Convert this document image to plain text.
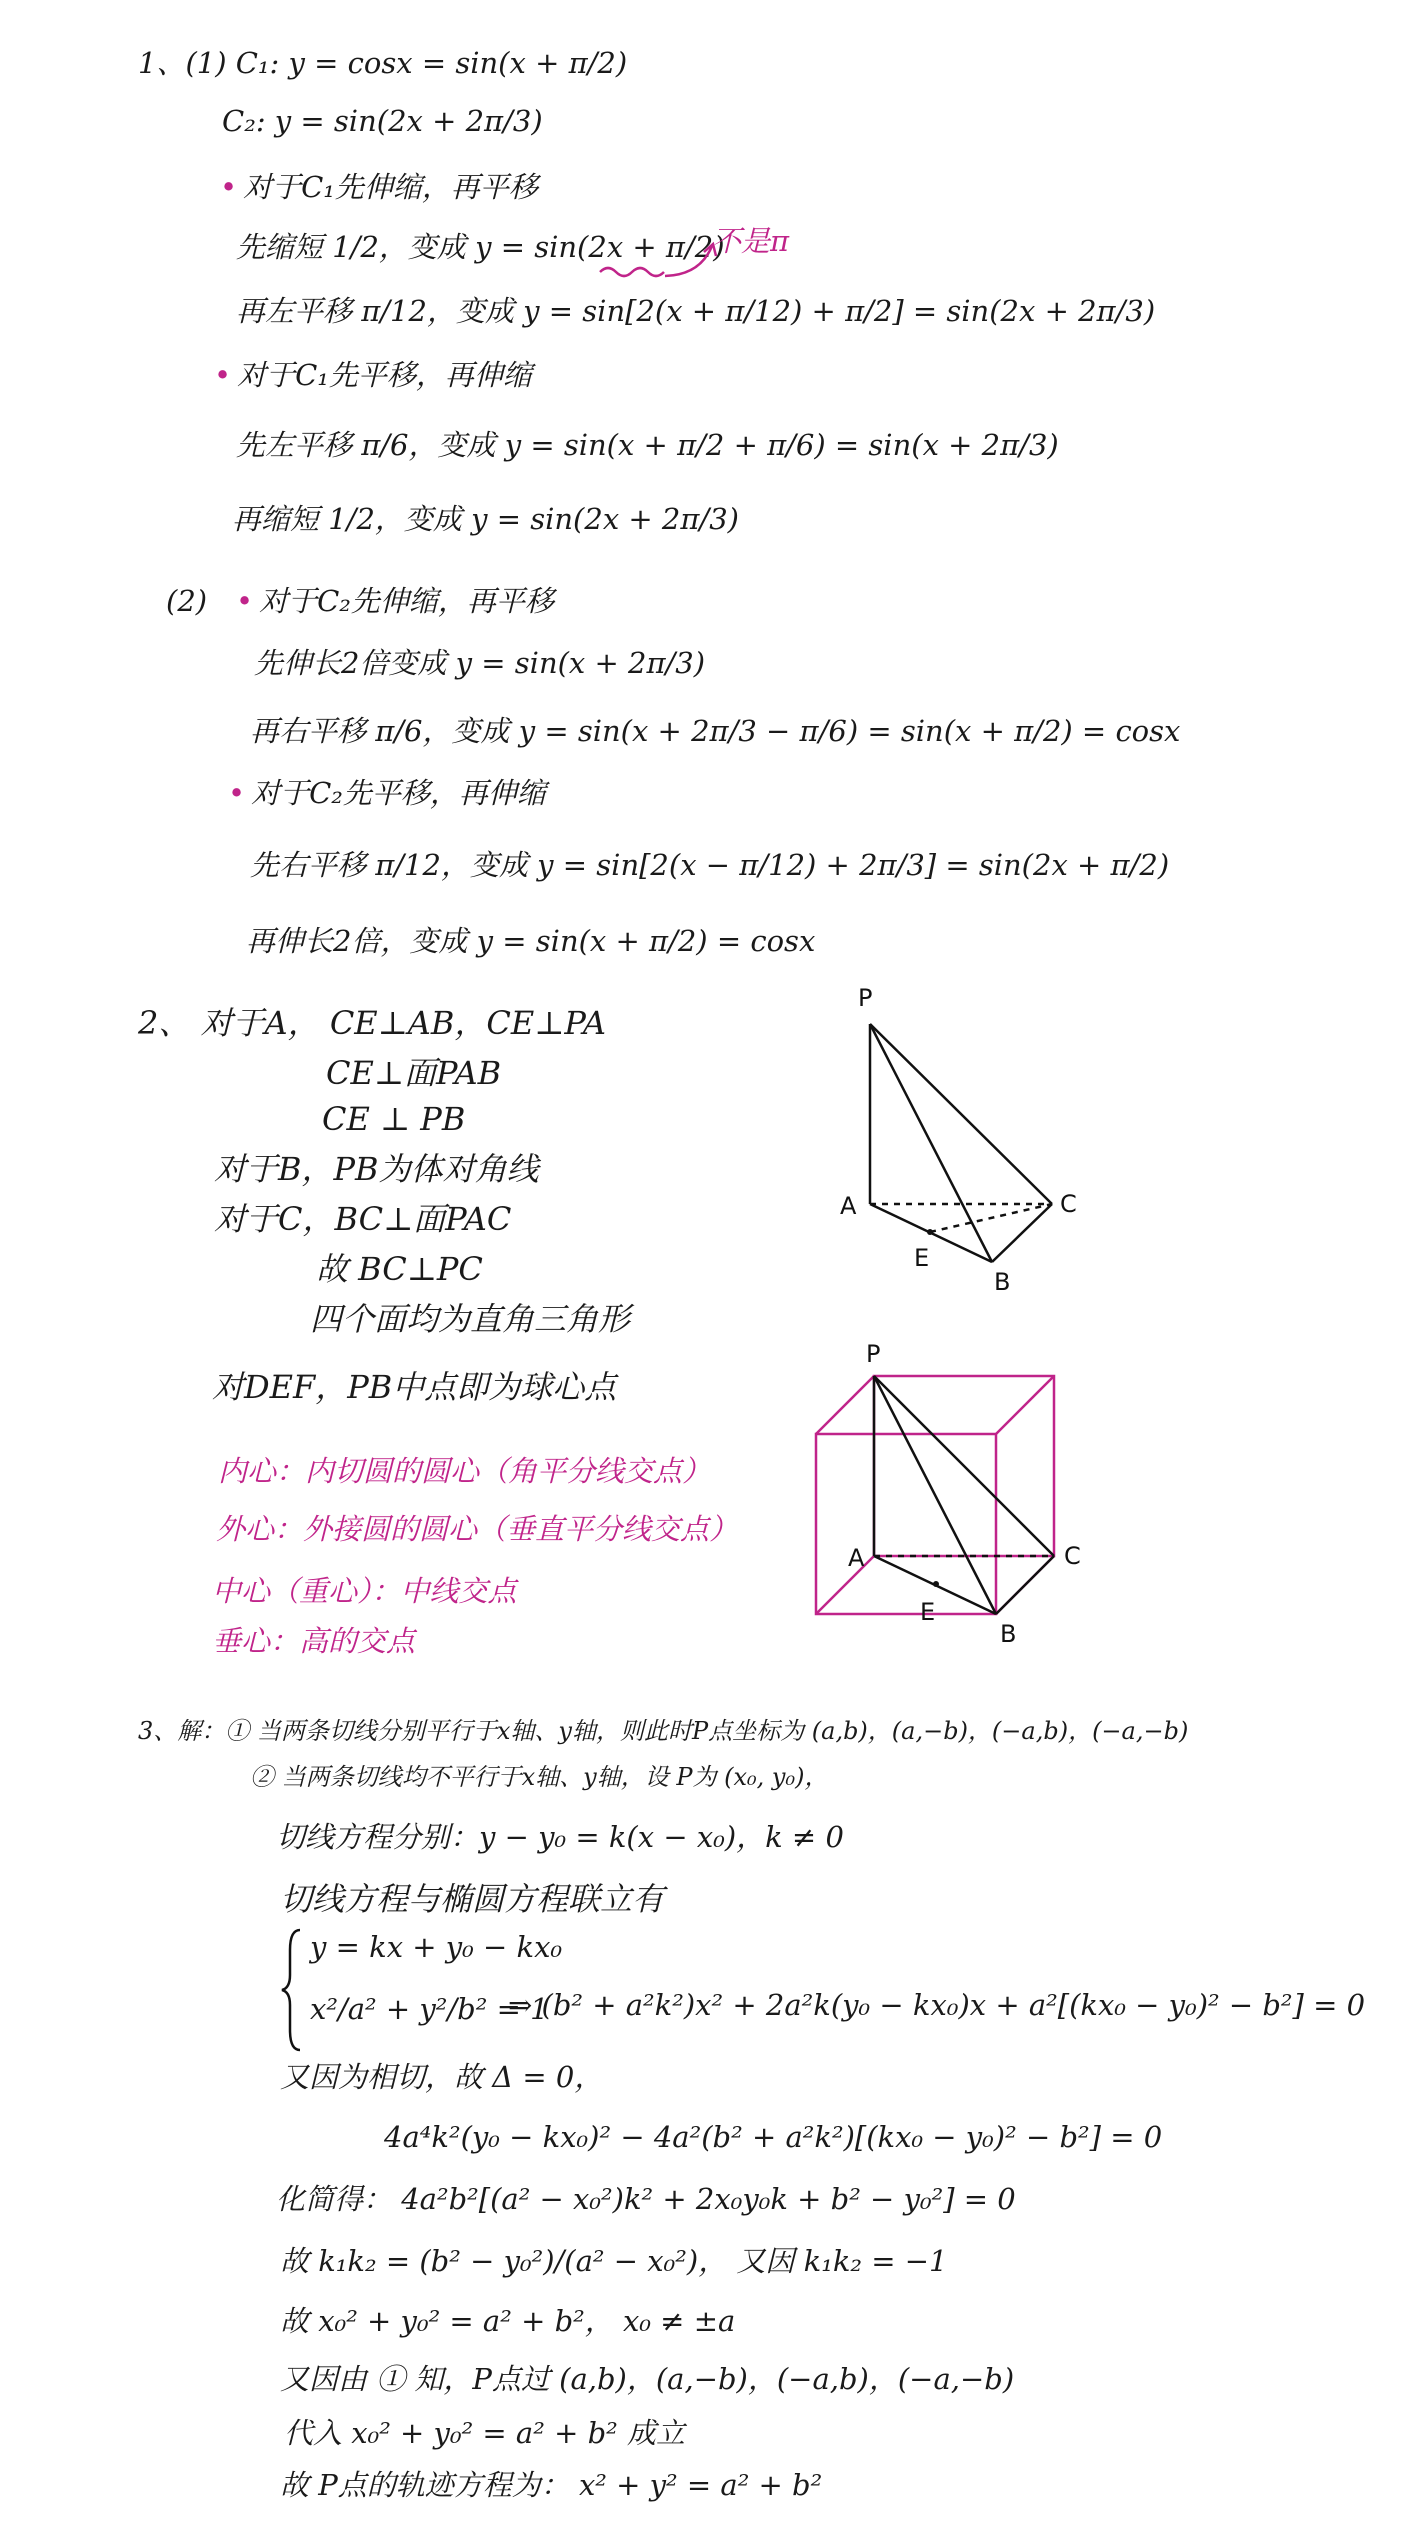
1、(1) C₁: y = cosx = sin(x + π/2)
C₂: y = sin(2x + 2π/3)
• 对于C₁先伸缩，再平移
先缩短 1/2，变成 y = sin(2x + π/2)
不是π
再左平移 π/12，变成 y = sin[2(x + π/12) + π/2] = sin(2x + 2π/3)
• 对于C₁先平移，再伸缩
先左平移 π/6，变成 y = sin(x + π/2 + π/6) = sin(x + 2π/3)
再缩短 1/2，变成 y = sin(2x + 2π/3)
(2) • 对于C₂先伸缩，再平移
先伸长2倍变成 y = sin(x + 2π/3)
再右平移 π/6，变成 y = sin(x + 2π/3 − π/6) = sin(x + π/2) = cosx
• 对于C₂先平移，再伸缩
先右平移 π/12，变成 y = sin[2(x − π/12) + 2π/3] = sin(2x + π/2)
再伸长2倍，变成 y = sin(x + π/2) = cosx
2、 对于A， CE⊥AB，CE⊥PA
CE⊥面PAB
CE ⊥ PB
对于B，PB为体对角线
对于C，BC⊥面PAC
故 BC⊥PC
四个面均为直角三角形
对DEF，PB中点即为球心点
内心：内切圆的圆心（角平分线交点）
外心：外接圆的圆心（垂直平分线交点）
中心（重心）：中线交点
垂心：高的交点
P
A	C
E
B
P
A	C
E
B
3、解：① 当两条切线分别平行于x轴、y轴，则此时P点坐标为 (a,b)，(a,−b)，(−a,b)，(−a,−b)
② 当两条切线均不平行于x轴、y轴，设 P为 (x₀, y₀)，
切线方程分别：y − y₀ = k(x − x₀)，k ≠ 0
切线方程与椭圆方程联立有
y = kx + y₀ − kx₀
x²/a² + y²/b² = 1
⇒ (b² + a²k²)x² + 2a²k(y₀ − kx₀)x + a²[(kx₀ − y₀)² − b²] = 0
又因为相切，故 Δ = 0，
4a⁴k²(y₀ − kx₀)² − 4a²(b² + a²k²)[(kx₀ − y₀)² − b²] = 0
化简得： 4a²b²[(a² − x₀²)k² + 2x₀y₀k + b² − y₀²] = 0
故 k₁k₂ = (b² − y₀²)/(a² − x₀²)， 又因 k₁k₂ = −1
故 x₀² + y₀² = a² + b²， x₀ ≠ ±a
又因由 ① 知，P点过 (a,b)，(a,−b)，(−a,b)，(−a,−b)
代入 x₀² + y₀² = a² + b² 成立
故 P点的轨迹方程为： x² + y² = a² + b²
